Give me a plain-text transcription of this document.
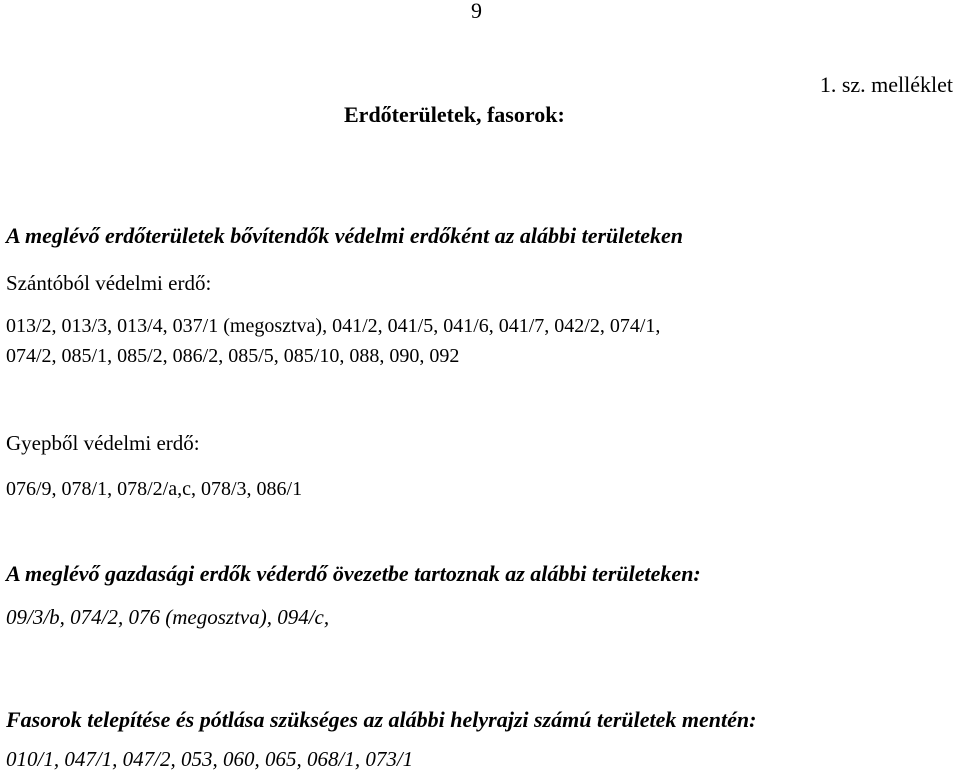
9
1. sz. melléklet
Erdőterületek, fasorok:
A meglévő erdőterületek bővítendők védelmi erdőként az alábbi területeken
Szántóból védelmi erdő:
013/2, 013/3, 013/4, 037/1 (megosztva), 041/2, 041/5, 041/6, 041/7, 042/2, 074/1,
074/2, 085/1, 085/2, 086/2, 085/5, 085/10, 088, 090, 092
Gyepből védelmi erdő:
076/9, 078/1, 078/2/a,c, 078/3, 086/1
A meglévő gazdasági erdők véderdő övezetbe tartoznak az alábbi területeken:
09/3/b, 074/2, 076 (megosztva), 094/c,
Fasorok telepítése és pótlása szükséges az alábbi helyrajzi számú területek mentén:
010/1, 047/1, 047/2, 053, 060, 065, 068/1, 073/1
